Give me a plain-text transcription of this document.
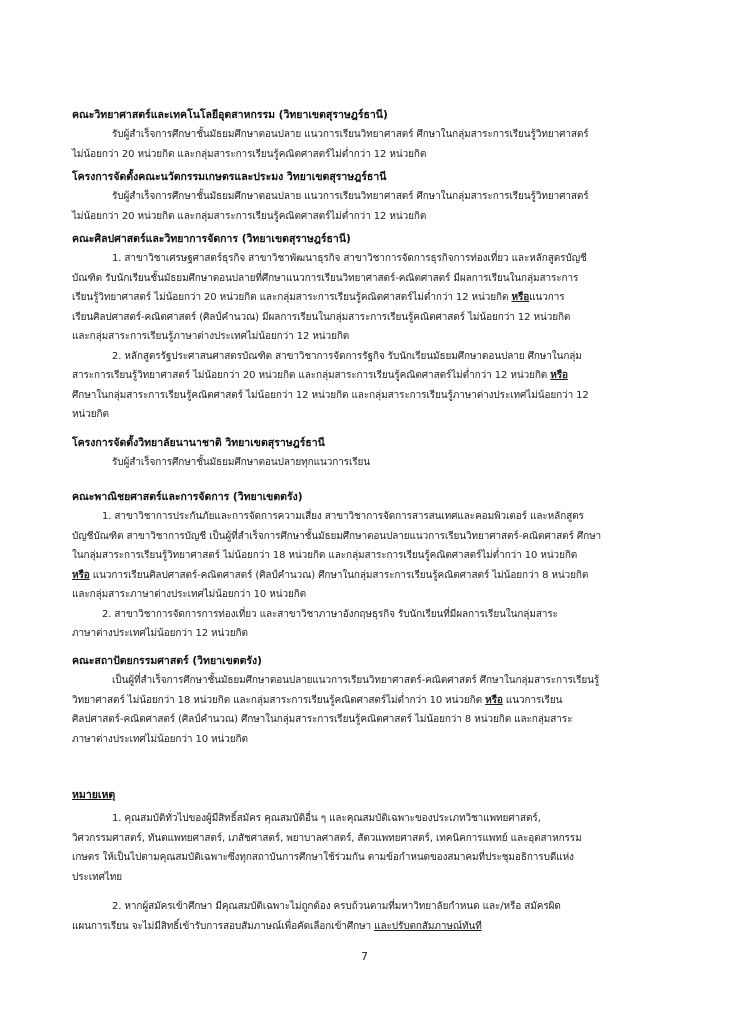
คณะวิทยาศาสตร์และเทคโนโลยีอุตสาหกรรม (วิทยาเขตสุราษฎร์ธานี)
รับผู้สำเร็จการศึกษาชั้นมัธยมศึกษาตอนปลาย แนวการเรียนวิทยาศาสตร์ ศึกษาในกลุ่มสาระการเรียนรู้วิทยาศาสตร์
ไม่น้อยกว่า 20 หน่วยกิต และกลุ่มสาระการเรียนรู้คณิตศาสตร์ไม่ต่ำกว่า 12 หน่วยกิต
โครงการจัดตั้งคณะนวัตกรรมเกษตรและประมง วิทยาเขตสุราษฎร์ธานี
รับผู้สำเร็จการศึกษาชั้นมัธยมศึกษาตอนปลาย แนวการเรียนวิทยาศาสตร์ ศึกษาในกลุ่มสาระการเรียนรู้วิทยาศาสตร์
ไม่น้อยกว่า 20 หน่วยกิต และกลุ่มสาระการเรียนรู้คณิตศาสตร์ไม่ต่ำกว่า 12 หน่วยกิต
คณะศิลปศาสตร์และวิทยาการจัดการ (วิทยาเขตสุราษฎร์ธานี)
1. สาขาวิชาเศรษฐศาสตร์ธุรกิจ สาขาวิชาพัฒนาธุรกิจ สาขาวิชาการจัดการธุรกิจการท่องเที่ยว และหลักสูตรบัญชี
บัณฑิต รับนักเรียนชั้นมัธยมศึกษาตอนปลายที่ศึกษาแนวการเรียนวิทยาศาสตร์-คณิตศาสตร์ มีผลการเรียนในกลุ่มสาระการ
เรียนรู้วิทยาศาสตร์ ไม่น้อยกว่า 20 หน่วยกิต และกลุ่มสาระการเรียนรู้คณิตศาสตร์ไม่ต่ำกว่า 12 หน่วยกิต หรือแนวการ
เรียนศิลปศาสตร์-คณิตศาสตร์ (ศิลป์คำนวณ) มีผลการเรียนในกลุ่มสาระการเรียนรู้คณิตศาสตร์ ไม่น้อยกว่า 12 หน่วยกิต
และกลุ่มสาระการเรียนรู้ภาษาต่างประเทศไม่น้อยกว่า 12 หน่วยกิต
2. หลักสูตรรัฐประศาสนศาสตรบัณฑิต สาขาวิชาการจัดการรัฐกิจ รับนักเรียนมัธยมศึกษาตอนปลาย ศึกษาในกลุ่ม
สาระการเรียนรู้วิทยาศาสตร์ ไม่น้อยกว่า 20 หน่วยกิต และกลุ่มสาระการเรียนรู้คณิตศาสตร์ไม่ต่ำกว่า 12 หน่วยกิต หรือ
ศึกษาในกลุ่มสาระการเรียนรู้คณิตศาสตร์ ไม่น้อยกว่า 12 หน่วยกิต และกลุ่มสาระการเรียนรู้ภาษาต่างประเทศไม่น้อยกว่า 12
หน่วยกิต
โครงการจัดตั้งวิทยาลัยนานาชาติ วิทยาเขตสุราษฎร์ธานี
รับผู้สำเร็จการศึกษาชั้นมัธยมศึกษาตอนปลายทุกแนวการเรียน
คณะพาณิชยศาสตร์และการจัดการ (วิทยาเขตตรัง)
1. สาขาวิชาการประกันภัยและการจัดการความเสี่ยง สาขาวิชาการจัดการสารสนเทศและคอมพิวเตอร์ และหลักสูตร
บัญชีบัณฑิต สาขาวิชาการบัญชี เป็นผู้ที่สำเร็จการศึกษาชั้นมัธยมศึกษาตอนปลายแนวการเรียนวิทยาศาสตร์-คณิตศาสตร์ ศึกษา
ในกลุ่มสาระการเรียนรู้วิทยาศาสตร์ ไม่น้อยกว่า 18 หน่วยกิต และกลุ่มสาระการเรียนรู้คณิตศาสตร์ไม่ต่ำกว่า 10 หน่วยกิต
หรือ แนวการเรียนศิลปศาสตร์-คณิตศาสตร์ (ศิลป์คำนวณ) ศึกษาในกลุ่มสาระการเรียนรู้คณิตศาสตร์ ไม่น้อยกว่า 8 หน่วยกิต
และกลุ่มสาระภาษาต่างประเทศไม่น้อยกว่า 10 หน่วยกิต
2. สาขาวิชาการจัดการการท่องเที่ยว และสาขาวิชาภาษาอังกฤษธุรกิจ รับนักเรียนที่มีผลการเรียนในกลุ่มสาระ
ภาษาต่างประเทศไม่น้อยกว่า 12 หน่วยกิต
คณะสถาปัตยกรรมศาสตร์ (วิทยาเขตตรัง)
เป็นผู้ที่สำเร็จการศึกษาชั้นมัธยมศึกษาตอนปลายแนวการเรียนวิทยาศาสตร์-คณิตศาสตร์ ศึกษาในกลุ่มสาระการเรียนรู้
วิทยาศาสตร์ ไม่น้อยกว่า 18 หน่วยกิต และกลุ่มสาระการเรียนรู้คณิตศาสตร์ไม่ต่ำกว่า 10 หน่วยกิต หรือ แนวการเรียน
ศิลปศาสตร์-คณิตศาสตร์ (ศิลป์คำนวณ) ศึกษาในกลุ่มสาระการเรียนรู้คณิตศาสตร์ ไม่น้อยกว่า 8 หน่วยกิต และกลุ่มสาระ
ภาษาต่างประเทศไม่น้อยกว่า 10 หน่วยกิต
หมายเหตุ
1. คุณสมบัติทั่วไปของผู้มีสิทธิ์สมัคร คุณสมบัติอื่น ๆ และคุณสมบัติเฉพาะของประเภทวิชาแพทยศาสตร์,
วิศวกรรมศาสตร์, ทันตแพทยศาสตร์, เภสัชศาสตร์, พยาบาลศาสตร์, สัตวแพทยศาสตร์, เทคนิคการแพทย์ และอุตสาหกรรม
เกษตร ให้เป็นไปตามคุณสมบัติเฉพาะซึ่งทุกสถาบันการศึกษาใช้ร่วมกัน ตามข้อกำหนดของสมาคมที่ประชุมอธิการบดีแห่ง
ประเทศไทย
2. หากผู้สมัครเข้าศึกษา มีคุณสมบัติเฉพาะไม่ถูกต้อง ครบถ้วนตามที่มหาวิทยาลัยกำหนด และ/หรือ สมัครผิด
แผนการเรียน จะไม่มีสิทธิ์เข้ารับการสอบสัมภาษณ์เพื่อคัดเลือกเข้าศึกษา และปรับตกสัมภาษณ์ทันที
7
